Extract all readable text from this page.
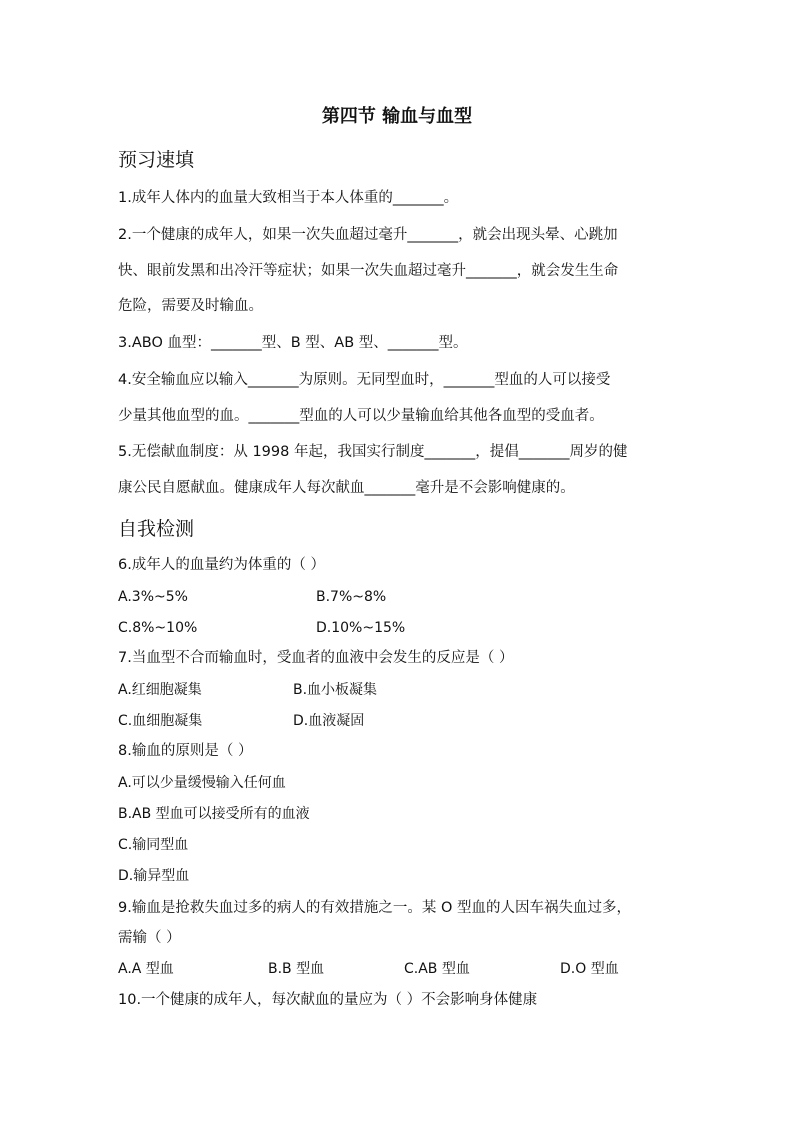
第四节 输血与血型
预习速填
1.成年人体内的血量大致相当于本人体重的_______。
2.一个健康的成年人，如果一次失血超过毫升_______，就会出现头晕、心跳加
快、眼前发黑和出冷汗等症状；如果一次失血超过毫升_______，就会发生生命
危险，需要及时输血。
3.ABO 血型：_______型、B 型、AB 型、_______型。
4.安全输血应以输入_______为原则。无同型血时，_______型血的人可以接受
少量其他血型的血。_______型血的人可以少量输血给其他各血型的受血者。
5.无偿献血制度：从 1998 年起，我国实行制度_______，提倡_______周岁的健
康公民自愿献血。健康成年人每次献血_______毫升是不会影响健康的。
自我检测
6.成年人的血量约为体重的（ ）
A.3%~5%	B.7%~8%
C.8%~10%	D.10%~15%
7.当血型不合而输血时，受血者的血液中会发生的反应是（ ）
A.红细胞凝集	B.血小板凝集
C.血细胞凝集	D.血液凝固
8.输血的原则是（ ）
A.可以少量缓慢输入任何血
B.AB 型血可以接受所有的血液
C.输同型血
D.输异型血
9.输血是抢救失血过多的病人的有效措施之一。某 O 型血的人因车祸失血过多，
需输（ ）
A.A 型血	B.B 型血	C.AB 型血	D.O 型血
10.一个健康的成年人，每次献血的量应为（ ）不会影响身体健康
